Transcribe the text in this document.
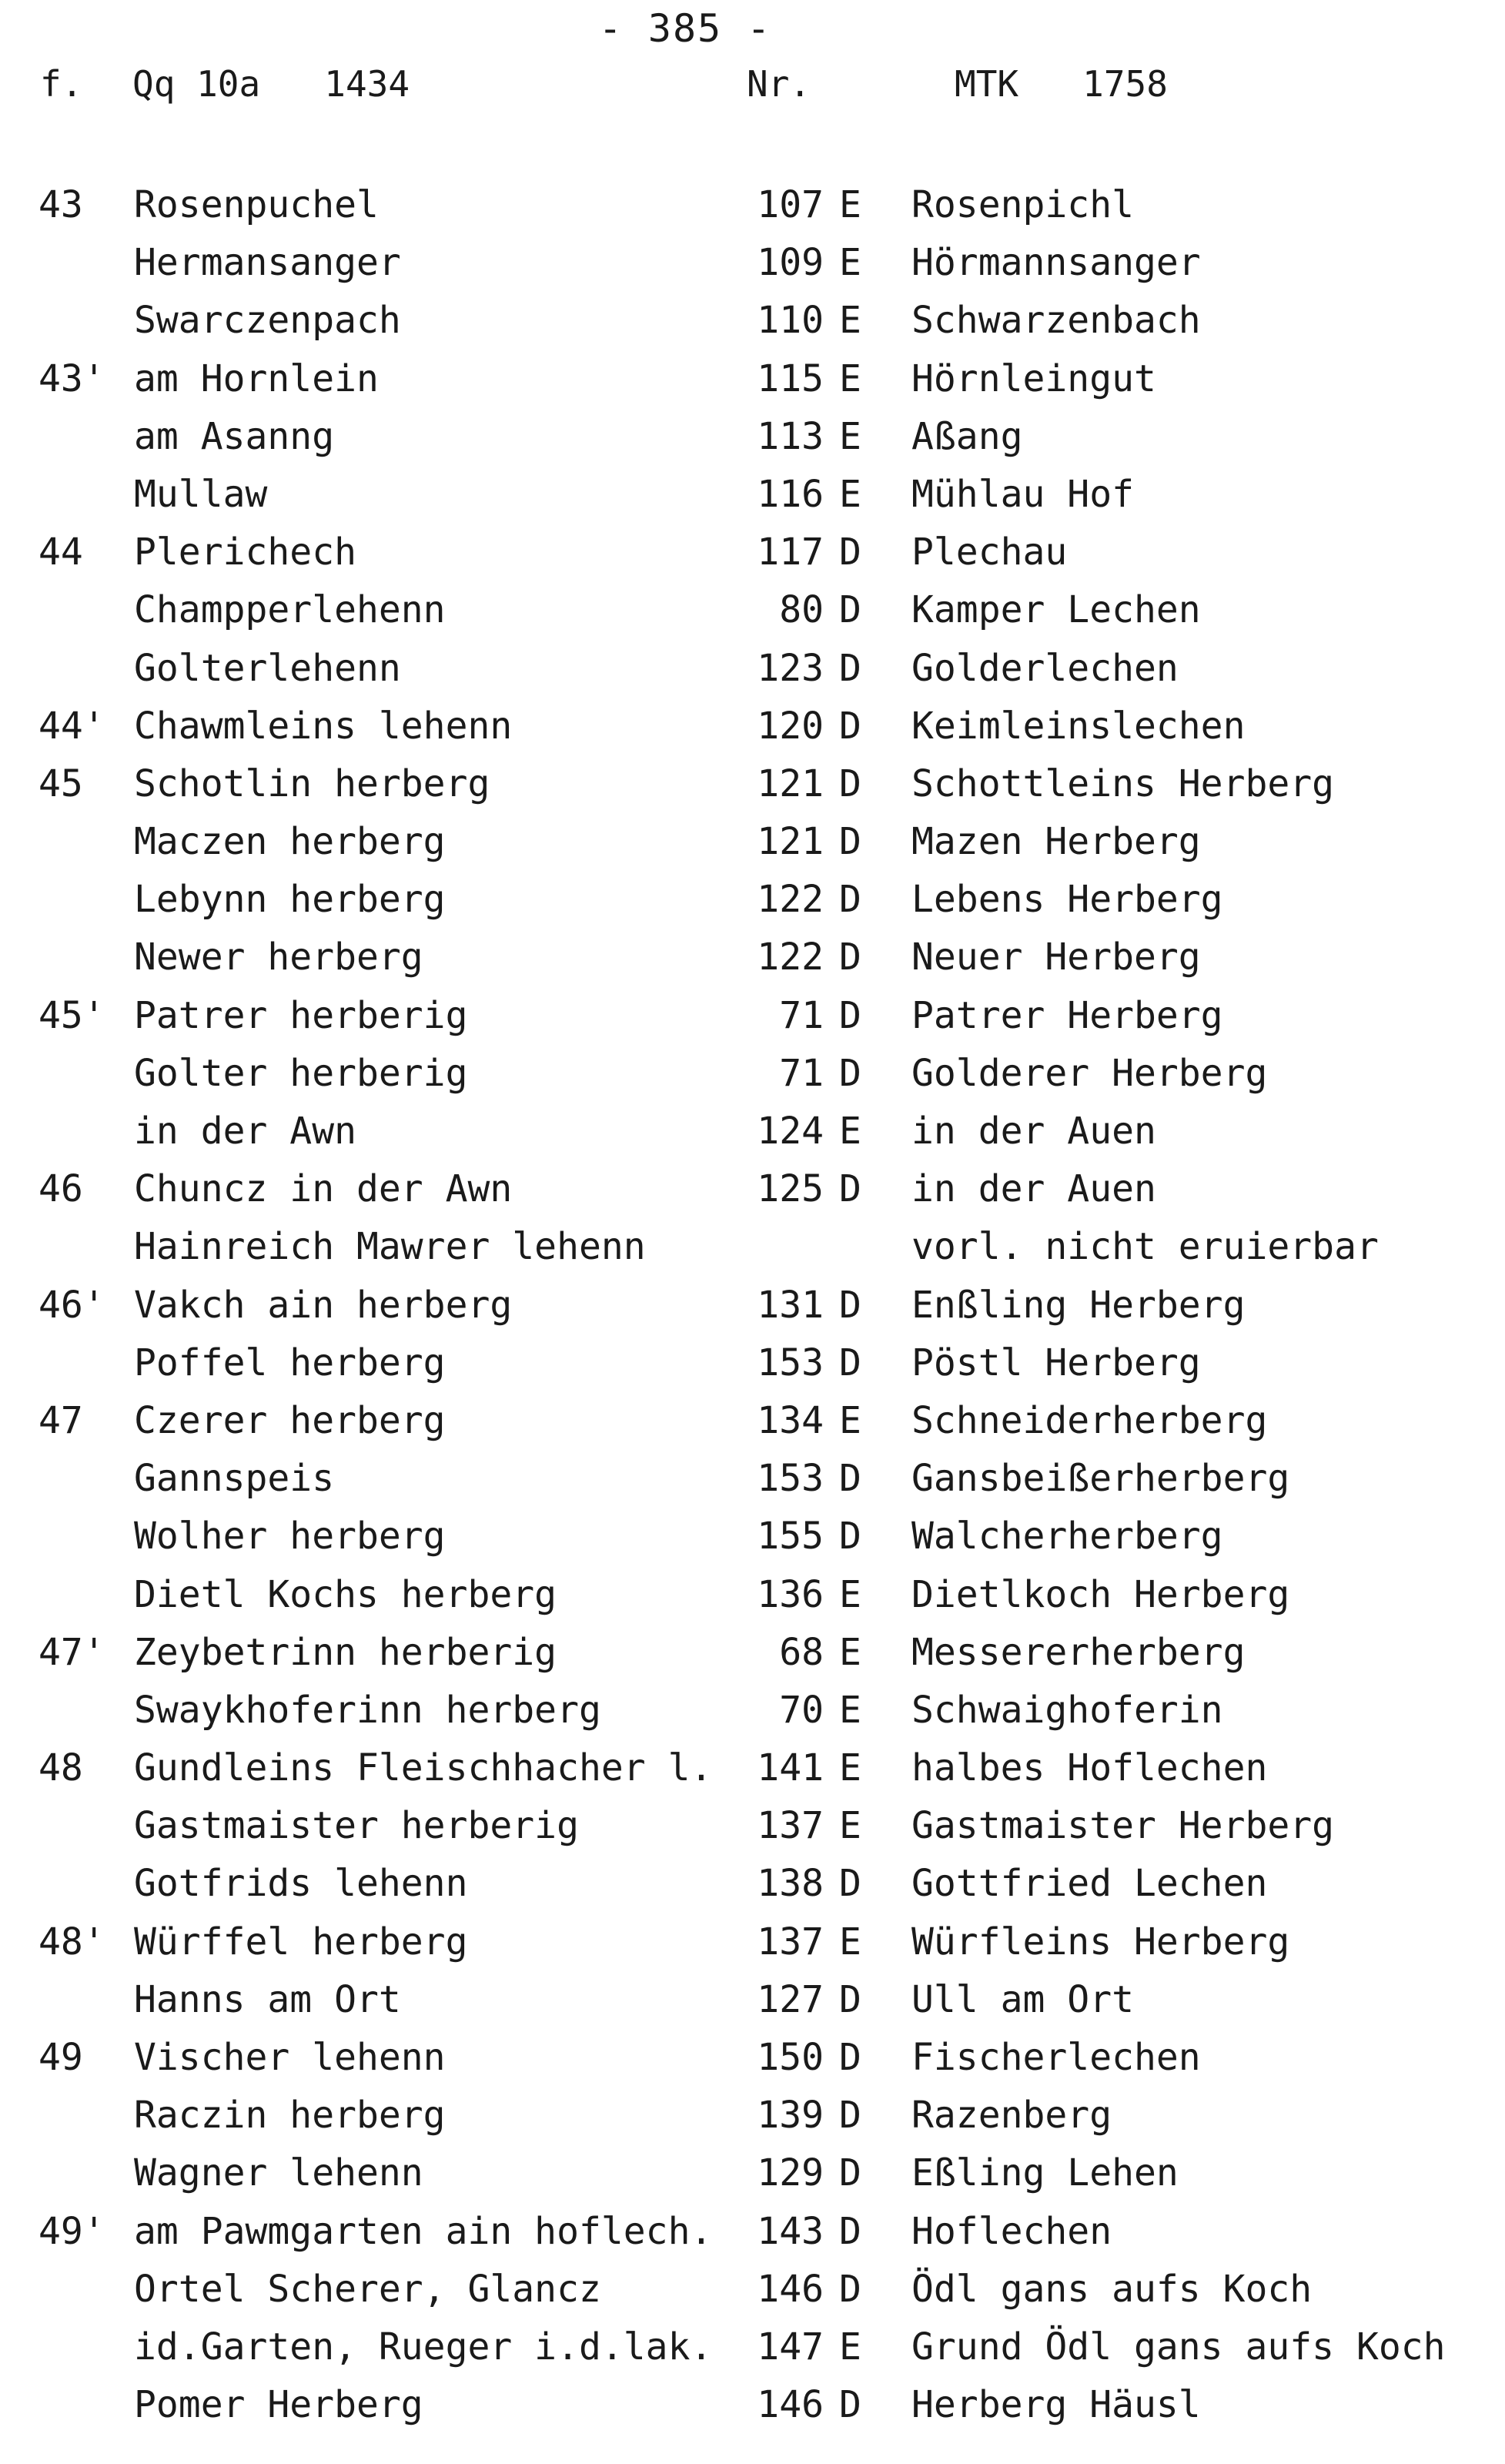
- 385 -
f. Qq 10a   1434	Nr.	MTK   1758
43 Rosenpuchel	107 E Rosenpichl
Hermansanger	109 E Hörmannsanger
Swarczenpach	110 E Schwarzenbach
43' am Hornlein	115 E Hörnleingut
am Asanng	113 E Aßang
Mullaw	116 E Mühlau Hof
44 Plerichech	117 D Plechau
Champperlehenn	80 D Kamper Lechen
Golterlehenn	123 D Golderlechen
44' Chawmleins lehenn	120 D Keimleinslechen
45 Schotlin herberg	121 D Schottleins Herberg
Maczen herberg	121 D Mazen Herberg
Lebynn herberg	122 D Lebens Herberg
Newer herberg	122 D Neuer Herberg
45' Patrer herberig	71 D Patrer Herberg
Golter herberig	71 D Golderer Herberg
in der Awn	124 E in der Auen
46 Chuncz in der Awn	125 D in der Auen
Hainreich Mawrer lehenn	vorl. nicht eruierbar
46' Vakch ain herberg	131 D Enßling Herberg
Poffel herberg	153 D Pöstl Herberg
47 Czerer herberg	134 E Schneiderherberg
Gannspeis	153 D Gansbeißerherberg
Wolher herberg	155 D Walcherherberg
Dietl Kochs herberg	136 E Dietlkoch Herberg
47' Zeybetrinn herberig	68 E Messererherberg
Swaykhoferinn herberg	70 E Schwaighoferin
48 Gundleins Fleischhacher l.	141 E halbes Hoflechen
Gastmaister herberig	137 E Gastmaister Herberg
Gotfrids lehenn	138 D Gottfried Lechen
48' Würffel herberg	137 E Würfleins Herberg
Hanns am Ort	127 D Ull am Ort
49 Vischer lehenn	150 D Fischerlechen
Raczin herberg	139 D Razenberg
Wagner lehenn	129 D Eßling Lehen
49' am Pawmgarten ain hoflech.	143 D Hoflechen
Ortel Scherer, Glancz	146 D Ödl gans aufs Koch
id.Garten, Rueger i.d.lak.	147 E Grund Ödl gans aufs Koch
Pomer Herberg	146 D Herberg Häusl
